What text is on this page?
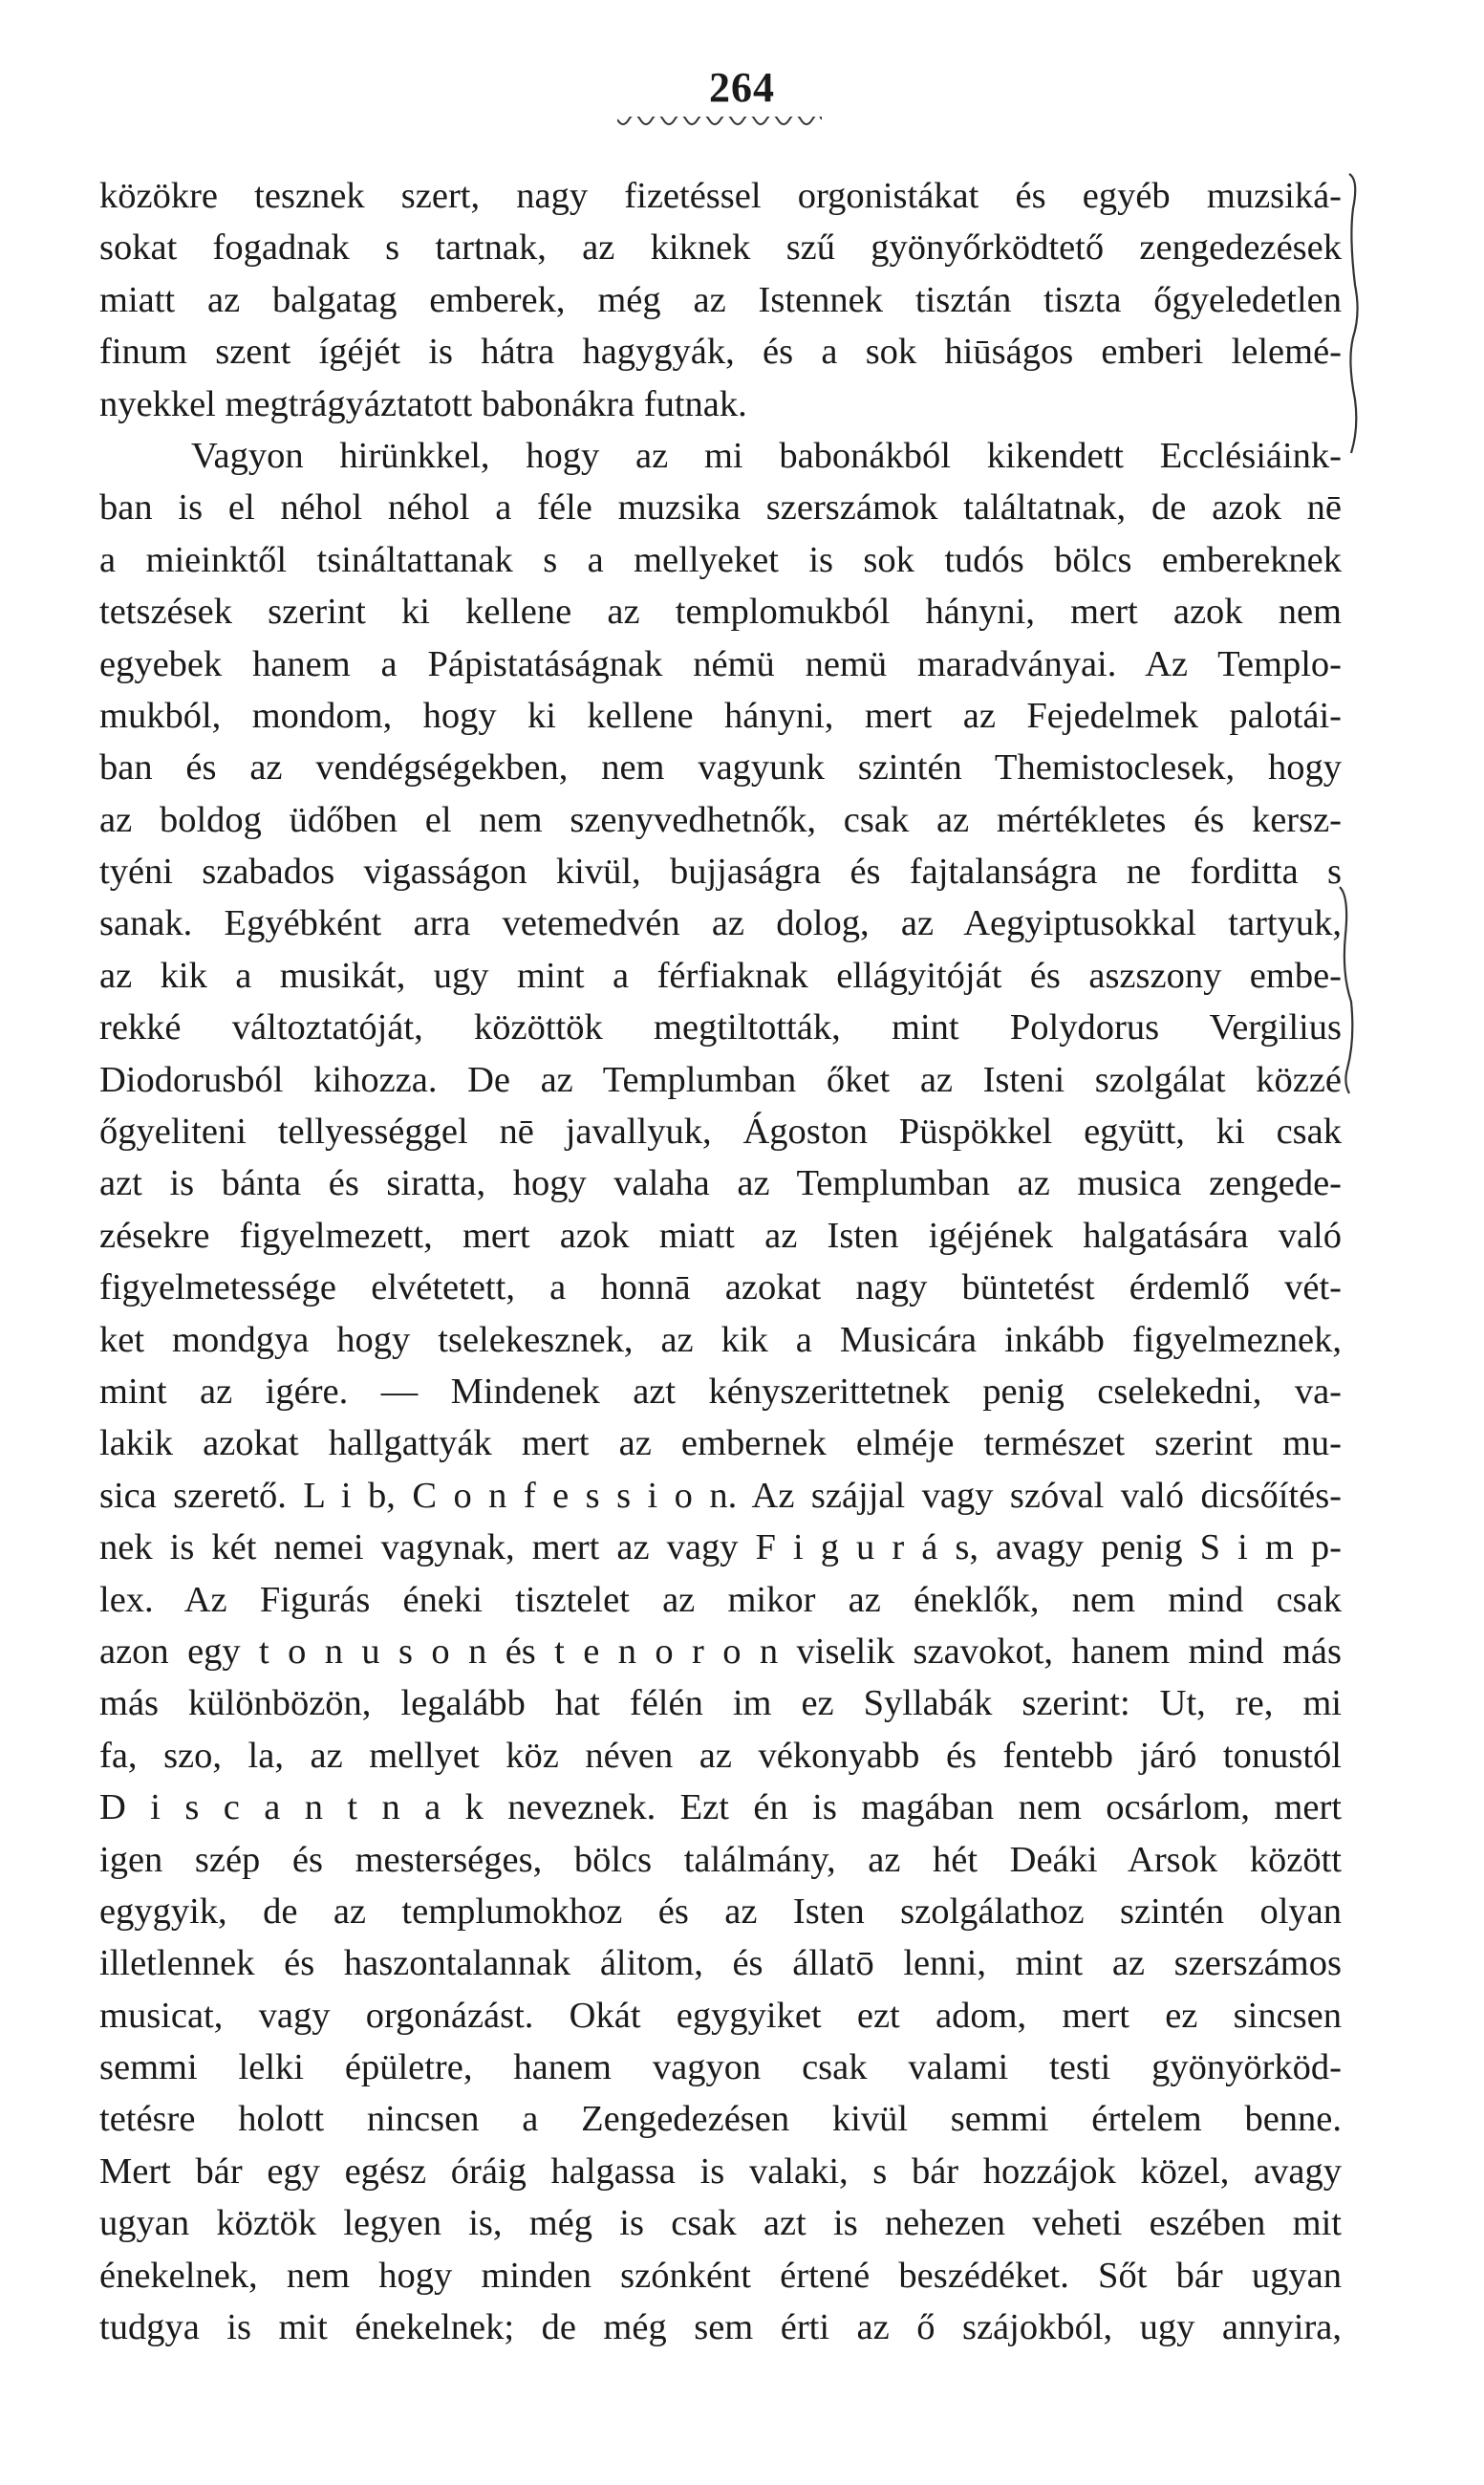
264
közökre tesznek szert, nagy fizetéssel orgonistákat és egyéb muzsiká-
sokat fogadnak s tartnak, az kiknek szű gyönyőrködtető zengedezések
miatt az balgatag emberek, még az Istennek tisztán tiszta őgyeledetlen
finum szent ígéjét is hátra hagygyák, és a sok hiūságos emberi lelemé-
nyekkel megtrágyáztatott babonákra futnak.
Vagyon hirünkkel, hogy az mi babonákból kikendett Ecclésiáink-
ban is el néhol néhol a féle muzsika szerszámok találtatnak, de azok nē
a mieinktől tsináltattanak s a mellyeket is sok tudós bölcs embereknek
tetszések szerint ki kellene az templomukból hányni, mert azok nem
egyebek hanem a Pápistatáságnak némü nemü maradványai. Az Templo-
mukból, mondom, hogy ki kellene hányni, mert az Fejedelmek palotái-
ban és az vendégségekben, nem vagyunk szintén Themistoclesek, hogy
az boldog üdőben el nem szenyvedhetnők, csak az mértékletes és kersz-
tyéni szabados vigasságon kivül, bujjaságra és fajtalanságra ne forditta s
sanak. Egyébként arra vetemedvén az dolog, az Aegyiptusokkal tartyuk,
az kik a musikát, ugy mint a férfiaknak ellágyitóját és aszszony embe-
rekké változtatóját, közöttök megtiltották, mint Polydorus Vergilius
Diodorusból kihozza. De az Templumban őket az Isteni szolgálat közzé
őgyeliteni tellyességgel nē javallyuk, Ágoston Püspökkel együtt, ki csak
azt is bánta és siratta, hogy valaha az Templumban az musica zengede-
zésekre figyelmezett, mert azok miatt az Isten igéjének halgatására való
figyelmetessége elvétetett, a honnā azokat nagy büntetést érdemlő vét-
ket mondgya hogy tselekesznek, az kik a Musicára inkább figyelmeznek,
mint az igére. — Mindenek azt kényszerittetnek penig cselekedni, va-
lakik azokat hallgattyák mert az embernek elméje természet szerint mu-
sica szerető. L i b, C o n f e s s i o n. Az szájjal vagy szóval való dicsőítés-
nek is két nemei vagynak, mert az vagy F i g u r á s, avagy penig S i m p-
lex. Az Figurás éneki tisztelet az mikor az éneklők, nem mind csak
azon egy t o n u s o n és t e n o r o n viselik szavokot, hanem mind más
más különbözön, legalább hat félén im ez Syllabák szerint: Ut, re, mi
fa, szo, la, az mellyet köz néven az vékonyabb és fentebb járó tonustól
D i s c a n t n a k neveznek. Ezt én is magában nem ocsárlom, mert
igen szép és mesterséges, bölcs találmány, az hét Deáki Arsok között
egygyik, de az templumokhoz és az Isten szolgálathoz szintén olyan
illetlennek és haszontalannak álitom, és állatō lenni, mint az szerszámos
musicat, vagy orgonázást. Okát egygyiket ezt adom, mert ez sincsen
semmi lelki épületre, hanem vagyon csak valami testi gyönyörköd-
tetésre holott nincsen a Zengedezésen kivül semmi értelem benne.
Mert bár egy egész óráig halgassa is valaki, s bár hozzájok közel, avagy
ugyan köztök legyen is, még is csak azt is nehezen veheti eszében mit
énekelnek, nem hogy minden szónként értené beszédéket. Sőt bár ugyan
tudgya is mit énekelnek; de még sem érti az ő szájokból, ugy annyira,
